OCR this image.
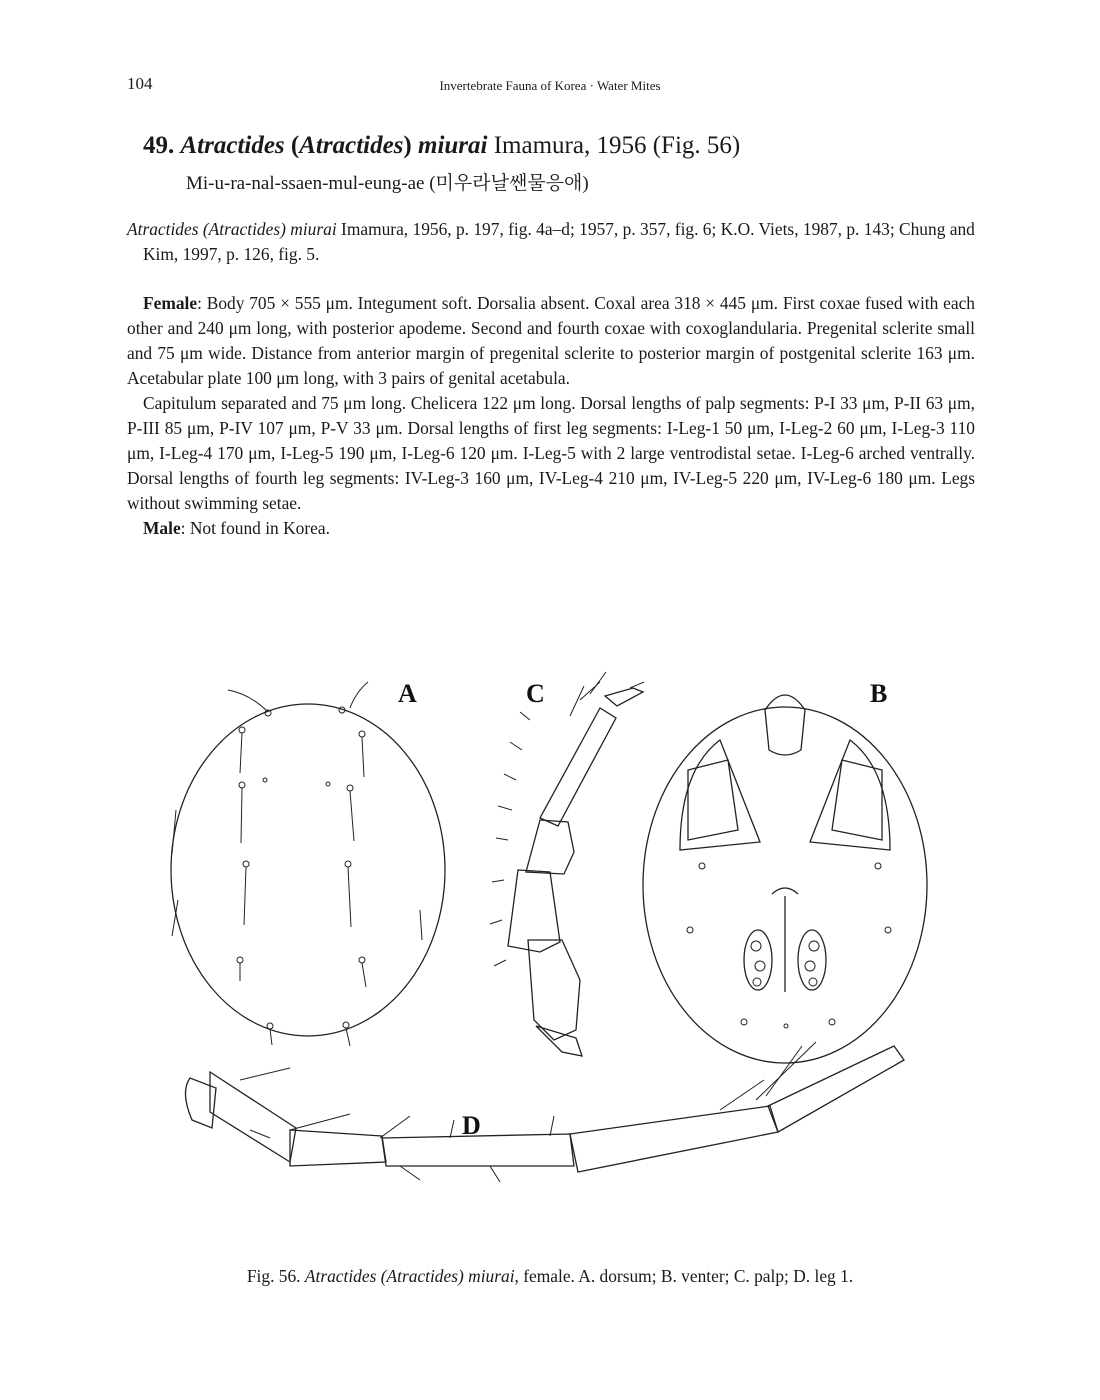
104	Invertebrate Fauna of Korea · Water Mites
49. Atractides (Atractides) miurai Imamura, 1956 (Fig. 56)
Mi-u-ra-nal-ssaen-mul-eung-ae (미우라날쌘물응애)
Atractides (Atractides) miurai Imamura, 1956, p. 197, fig. 4a–d; 1957, p. 357, fig. 6; K.O. Viets, 1987, p. 143; Chung and Kim, 1997, p. 126, fig. 5.

Female: Body 705 × 555 μm. Integument soft. Dorsalia absent. Coxal area 318 × 445 μm. First coxae fused with each other and 240 μm long, with posterior apodeme. Second and fourth coxae with coxoglandularia. Pregenital sclerite small and 75 μm wide. Distance from anterior margin of pregenital sclerite to posterior margin of postgenital sclerite 163 μm. Acetabular plate 100 μm long, with 3 pairs of genital acetabula.

Capitulum separated and 75 μm long. Chelicera 122 μm long. Dorsal lengths of palp segments: P-I 33 μm, P-II 63 μm, P-III 85 μm, P-IV 107 μm, P-V 33 μm. Dorsal lengths of first leg segments: I-Leg-1 50 μm, I-Leg-2 60 μm, I-Leg-3 110 μm, I-Leg-4 170 μm, I-Leg-5 190 μm, I-Leg-6 120 μm. I-Leg-5 with 2 large ventrodistal setae. I-Leg-6 arched ventrally. Dorsal lengths of fourth leg segments: IV-Leg-3 160 μm, IV-Leg-4 210 μm, IV-Leg-5 220 μm, IV-Leg-6 180 μm. Legs without swimming setae.

Male: Not found in Korea.

A	C	B
D
Fig. 56. Atractides (Atractides) miurai, female. A. dorsum; B. venter; C. palp; D. leg 1.
